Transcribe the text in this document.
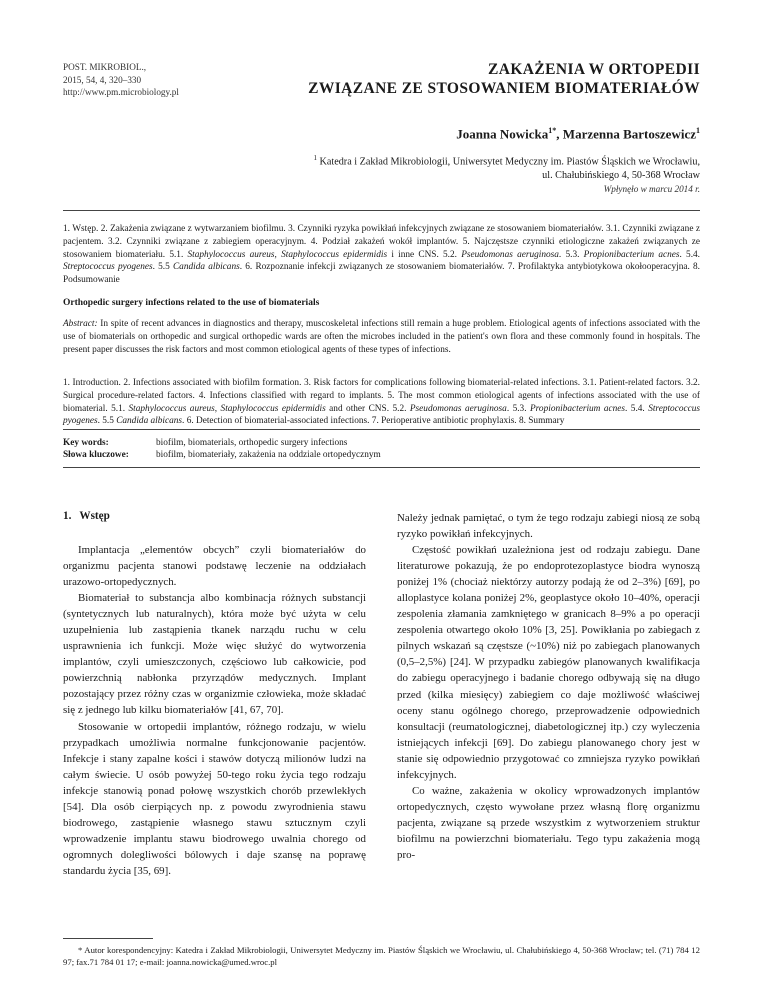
POST. MIKROBIOL.,
2015, 54, 4, 320–330
http://www.pm.microbiology.pl
ZAKAŻENIA W ORTOPEDII
ZWIĄZANE ZE STOSOWANIEM BIOMATERIAŁÓW
Joanna Nowicka$^{1*}$, Marzenna Bartoszewicz$^1$
$^1$ Katedra i Zakład Mikrobiologii, Uniwersytet Medyczny im. Piastów Śląskich we Wrocławiu,
ul. Chałubińskiego 4, 50-368 Wrocław
Wpłynęło w marcu 2014 r.
1. Wstęp. 2. Zakażenia związane z wytwarzaniem biofilmu. 3. Czynniki ryzyka powikłań infekcyjnych związane ze stosowaniem biomateriałów. 3.1. Czynniki związane z pacjentem. 3.2. Czynniki związane z zabiegiem operacyjnym. 4. Podział zakażeń wokół implantów. 5. Najczęstsze czynniki etiologiczne zakażeń związanych ze stosowaniem biomateriału. 5.1. Staphylococcus aureus, Staphylococcus epidermidis i inne CNS. 5.2. Pseudomonas aeruginosa. 5.3. Propionibacterium acnes. 5.4. Streptococcus pyogenes. 5.5 Candida albicans. 6. Rozpoznanie infekcji związanych ze stosowaniem biomateriałów. 7. Profilaktyka antybiotykowa okołooperacyjna. 8. Podsumowanie
Orthopedic surgery infections related to the use of biomaterials
Abstract: In spite of recent advances in diagnostics and therapy, muscoskeletal infections still remain a huge problem. Etiological agents of infections associated with the use of biomaterials on orthopedic and surgical orthopedic wards are often the microbes included in the patient's own flora and these commonly found in hospitals. The present paper discusses the risk factors and most common etiological agents of these types of infections.
1. Introduction. 2. Infections associated with biofilm formation. 3. Risk factors for complications following biomaterial-related infections. 3.1. Patient-related factors. 3.2. Surgical procedure-related factors. 4. Infections classified with regard to implants. 5. The most common etiological agents of infections associated with the use of biomaterial. 5.1. Staphylococcus aureus, Staphylococcus epidermidis and other CNS. 5.2. Pseudomonas aeruginosa. 5.3. Propionibacterium acnes. 5.4. Streptococcus pyogenes. 5.5 Candida albicans. 6. Detection of biomaterial-associated infections. 7. Perioperative antibiotic prophylaxis. 8. Summary
Key words:	biofilm, biomaterials, orthopedic surgery infections
Słowa kluczowe:	biofilm, biomateriały, zakażenia na oddziale ortopedycznym
1. Wstęp

Implantacja „elementów obcych” czyli biomateriałów do organizmu pacjenta stanowi podstawę leczenie na oddziałach urazowo-ortopedycznych.

Biomateriał to substancja albo kombinacja różnych substancji (syntetycznych lub naturalnych), która może być użyta w celu uzupełnienia lub zastąpienia tkanek narządu ruchu w celu usprawnienia ich funkcji. Może więc służyć do wytworzenia implantów, czyli umieszczonych, częściowo lub całkowicie, pod powierzchnią nabłonka przyrządów medycznych. Implant pozostający przez różny czas w organizmie człowieka, może składać się z jednego lub kilku biomateriałów [41, 67, 70].

Stosowanie w ortopedii implantów, różnego rodzaju, w wielu przypadkach umożliwia normalne funkcjonowanie pacjentów. Infekcje i stany zapalne kości i stawów dotyczą milionów ludzi na całym świecie. U osób powyżej 50-tego roku życia tego rodzaju infekcje stanowią ponad połowę wszystkich chorób przewlekłych [54]. Dla osób cierpiących np. z powodu zwyrodnienia stawu biodrowego, zastąpienie własnego stawu sztucznym czyli wprowadzenie implantu stawu biodrowego uwalnia chorego od ogromnych dolegliwości bólowych i daje szansę na poprawę standardu życia [35, 69].

Należy jednak pamiętać, o tym że tego rodzaju zabiegi niosą ze sobą ryzyko powikłań infekcyjnych.

Częstość powikłań uzależniona jest od rodzaju zabiegu. Dane literaturowe pokazują, że po endoprotezoplastyce biodra wynoszą poniżej 1% (chociaż niektórzy autorzy podają że od 2–3%) [69], po alloplastyce kolana poniżej 2%, geoplastyce około 10–40%, operacji zespolenia złamania zamkniętego w granicach 8–9% a po operacji zespolenia otwartego około 10% [3, 25]. Powikłania po zabiegach z pilnych wskazań są częstsze (~10%) niż po zabiegach planowanych (0,5–2,5%) [24]. W przypadku zabiegów planowanych kwalifikacja do zabiegu operacyjnego i badanie chorego odbywają się na długo przed (kilka miesięcy) zabiegiem co daje możliwość właściwej oceny stanu ogólnego chorego, przeprowadzenie odpowiednich konsultacji (reumatologicznej, diabetologicznej itp.) czy wyleczenia istniejących infekcji [69]. Do zabiegu planowanego chory jest w stanie się odpowiednio przygotować co zmniejsza ryzyko powikłań infekcyjnych.

Co ważne, zakażenia w okolicy wprowadzonych implantów ortopedycznych, często wywołane przez własną florę organizmu pacjenta, związane są przede wszystkim z wytworzeniem struktur biofilmu na powierzchni biomateriału. Tego typu zakażenia mogą pro-

* Autor korespondencyjny: Katedra i Zakład Mikrobiologii, Uniwersytet Medyczny im. Piastów Śląskich we Wrocławiu, ul. Chałubińskiego 4, 50-368 Wrocław; tel. (71) 784 12 97; fax.71 784 01 17; e-mail: joanna.nowicka@umed.wroc.pl
